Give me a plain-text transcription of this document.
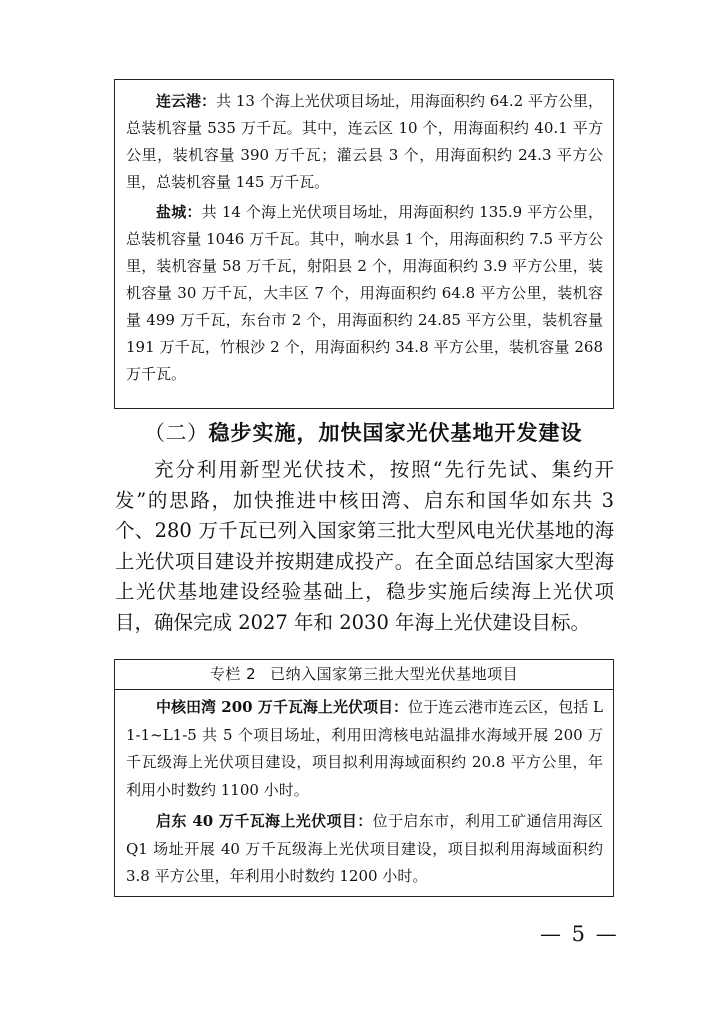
连云港：共 13 个海上光伏项目场址，用海面积约 64.2 平方公里，总装机容量 535 万千瓦。其中，连云区 10 个，用海面积约 40.1 平方公里，装机容量 390 万千瓦；灌云县 3 个，用海面积约 24.3 平方公里，总装机容量 145 万千瓦。

盐城：共 14 个海上光伏项目场址，用海面积约 135.9 平方公里，总装机容量 1046 万千瓦。其中，响水县 1 个，用海面积约 7.5 平方公里，装机容量 58 万千瓦，射阳县 2 个，用海面积约 3.9 平方公里，装机容量 30 万千瓦，大丰区 7 个，用海面积约 64.8 平方公里，装机容量 499 万千瓦，东台市 2 个，用海面积约 24.85 平方公里，装机容量 191 万千瓦，竹根沙 2 个，用海面积约 34.8 平方公里，装机容量 268 万千瓦。

（二）稳步实施，加快国家光伏基地开发建设

充分利用新型光伏技术，按照“先行先试、集约开发”的思路，加快推进中核田湾、启东和国华如东共 3 个、280 万千瓦已列入国家第三批大型风电光伏基地的海上光伏项目建设并按期建成投产。在全面总结国家大型海上光伏基地建设经验基础上，稳步实施后续海上光伏项目，确保完成 2027 年和 2030 年海上光伏建设目标。

专栏 2 已纳入国家第三批大型光伏基地项目

中核田湾 200 万千瓦海上光伏项目：位于连云港市连云区，包括 L1-1~L1-5 共 5 个项目场址，利用田湾核电站温排水海域开展 200 万千瓦级海上光伏项目建设，项目拟利用海域面积约 20.8 平方公里，年利用小时数约 1100 小时。

启东 40 万千瓦海上光伏项目：位于启东市，利用工矿通信用海区 Q1 场址开展 40 万千瓦级海上光伏项目建设，项目拟利用海域面积约 3.8 平方公里，年利用小时数约 1200 小时。

— 5 —
